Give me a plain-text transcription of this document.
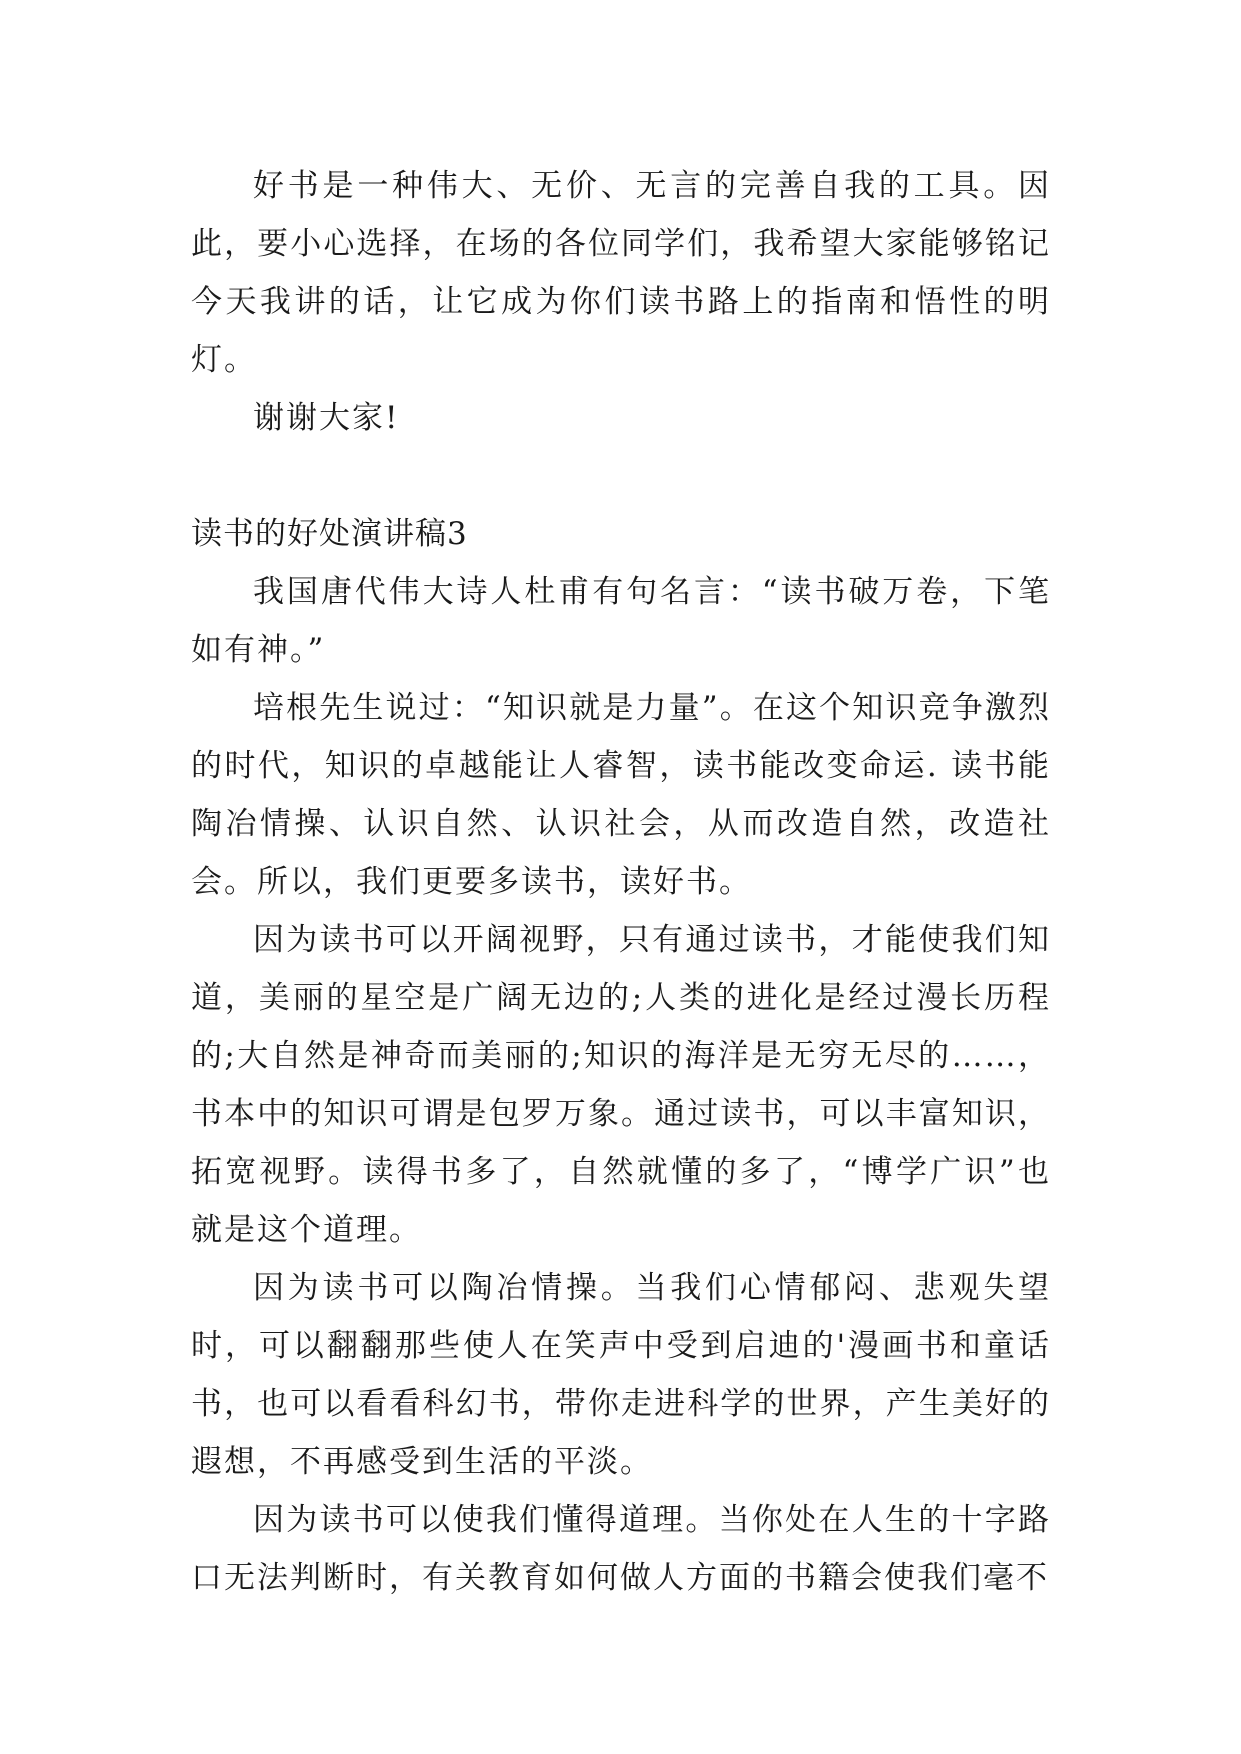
好书是一种伟大、无价、无言的完善自我的工具。因此，要小心选择，在场的各位同学们，我希望大家能够铭记今天我讲的话，让它成为你们读书路上的指南和悟性的明灯。

谢谢大家!

读书的好处演讲稿3

我国唐代伟大诗人杜甫有句名言：“读书破万卷，下笔如有神。”

培根先生说过：“知识就是力量”。在这个知识竞争激烈的时代，知识的卓越能让人睿智，读书能改变命运. 读书能陶冶情操、认识自然、认识社会，从而改造自然，改造社会。所以，我们更要多读书，读好书。

因为读书可以开阔视野，只有通过读书，才能使我们知道，美丽的星空是广阔无边的;人类的进化是经过漫长历程的;大自然是神奇而美丽的;知识的海洋是无穷无尽的……，书本中的知识可谓是包罗万象。通过读书，可以丰富知识，拓宽视野。读得书多了，自然就懂的多了，“博学广识”也就是这个道理。

因为读书可以陶冶情操。当我们心情郁闷、悲观失望时，可以翻翻那些使人在笑声中受到启迪的'漫画书和童话书，也可以看看科幻书，带你走进科学的世界，产生美好的遐想，不再感受到生活的平淡。

因为读书可以使我们懂得道理。当你处在人生的十字路口无法判断时，有关教育如何做人方面的书籍会使我们毫不
